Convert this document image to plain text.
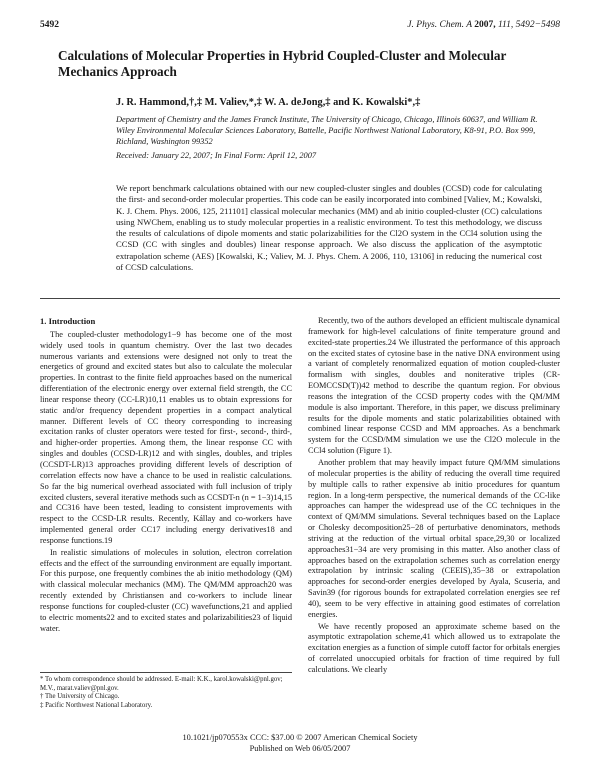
5492	J. Phys. Chem. A 2007, 111, 5492−5498
Calculations of Molecular Properties in Hybrid Coupled-Cluster and Molecular Mechanics Approach
J. R. Hammond,†,‡ M. Valiev,*,‡ W. A. deJong,‡ and K. Kowalski*,‡
Department of Chemistry and the James Franck Institute, The University of Chicago, Chicago, Illinois 60637, and William R. Wiley Environmental Molecular Sciences Laboratory, Battelle, Pacific Northwest National Laboratory, K8-91, P.O. Box 999, Richland, Washington 99352
Received: January 22, 2007; In Final Form: April 12, 2007
We report benchmark calculations obtained with our new coupled-cluster singles and doubles (CCSD) code for calculating the first- and second-order molecular properties. This code can be easily incorporated into combined [Valiev, M.; Kowalski, K. J. Chem. Phys. 2006, 125, 211101] classical molecular mechanics (MM) and ab initio coupled-cluster (CC) calculations using NWChem, enabling us to study molecular properties in a realistic environment. To test this methodology, we discuss the results of calculations of dipole moments and static polarizabilities for the Cl2O system in the CCl4 solution using the CCSD (CC with singles and doubles) linear response approach. We also discuss the application of the asymptotic extrapolation scheme (AES) [Kowalski, K.; Valiev, M. J. Phys. Chem. A 2006, 110, 13106] in reducing the numerical cost of CCSD calculations.
1. Introduction

The coupled-cluster methodology1−9 has become one of the most widely used tools in quantum chemistry. Over the last two decades numerous variants and extensions were designed not only to treat the energetics of ground and excited states but also to calculate the molecular properties. In contrast to the finite field approaches based on the numerical differentiation of the electronic energy over external field strength, the CC linear response theory (CC-LR)10,11 enables us to obtain expressions for static and/or frequency dependent properties in a compact analytical manner. Different levels of CC theory corresponding to increasing excitation ranks of cluster operators were tested for first-, second-, third-, and higher-order properties. Among them, the linear response CC with singles and doubles (CCSD-LR)12 and with singles, doubles, and triples (CCSDT-LR)13 approaches providing different levels of description of correlation effects now have a chance to be used in realistic calculations. So far the big numerical overhead associated with full inclusion of triply excited clusters, several iterative methods such as CCSDT-n (n = 1−3)14,15 and CC316 have been tested, leading to consistent improvements with respect to the CCSD-LR results. Recently, Kállay and co-workers have implemented general order CC17 including energy derivatives18 and response functions.19

In realistic simulations of molecules in solution, electron correlation effects and the effect of the surrounding environment are equally important. For this purpose, one frequently combines the ab initio methodology (QM) with classical molecular mechanics (MM). The QM/MM approach20 was recently extended by Christiansen and co-workers to include linear response functions for coupled-cluster (CC) wavefunctions,21 and applied to electric moments22 and to excited states and polarizabilities23 of liquid water.

Recently, two of the authors developed an efficient multiscale dynamical framework for high-level calculations of finite temperature ground and excited-state properties.24 We illustrated the performance of this approach on the excited states of cytosine base in the native DNA environment using a variant of completely renormalized equation of motion coupled-cluster formalism with singles, doubles and noniterative triples (CR-EOMCCSD(T))42 method to describe the quantum region. For obvious reasons the integration of the CCSD property codes with the QM/MM module is also important. Therefore, in this paper, we discuss preliminary results for the dipole moments and static polarizabilities obtained with combined linear response CCSD and MM approaches. As a benchmark system for the CCSD/MM simulation we use the Cl2O molecule in the CCl4 solution (Figure 1).

Another problem that may heavily impact future QM/MM simulations of molecular properties is the ability of reducing the overall time required by multiple calls to rather expensive ab initio procedures for quantum region. In a long-term perspective, the numerical demands of the CC-like approaches can hamper the widespread use of the CC techniques in the context of QM/MM simulations. Several techniques based on the Laplace or Cholesky decomposition25−28 of perturbative denominators, methods striving at the reduction of the virtual orbital space,29,30 or localized approaches31−34 are very promising in this matter. Also another class of approaches based on the extrapolation schemes such as correlation energy extrapolation by intrinsic scaling (CEEIS),35−38 or extrapolation approaches for second-order energies developed by Ayala, Scuseria, and Savin39 (for rigorous bounds for extrapolated correlation energies see ref 40), seem to be very effective in attaining good estimates of correlation energies.

We have recently proposed an approximate scheme based on the asymptotic extrapolation scheme,41 which allowed us to extrapolate the excitation energies as a function of simple cutoff factor for orbitals energies of correlated unoccupied orbitals for fraction of time required by full calculations. We clearly

* To whom correspondence should be addressed. E-mail: K.K., karol.kowalski@pnl.gov; M.V., marat.valiev@pnl.gov.
† The University of Chicago.
‡ Pacific Northwest National Laboratory.
10.1021/jp070553x CCC: $37.00 © 2007 American Chemical Society
Published on Web 06/05/2007
